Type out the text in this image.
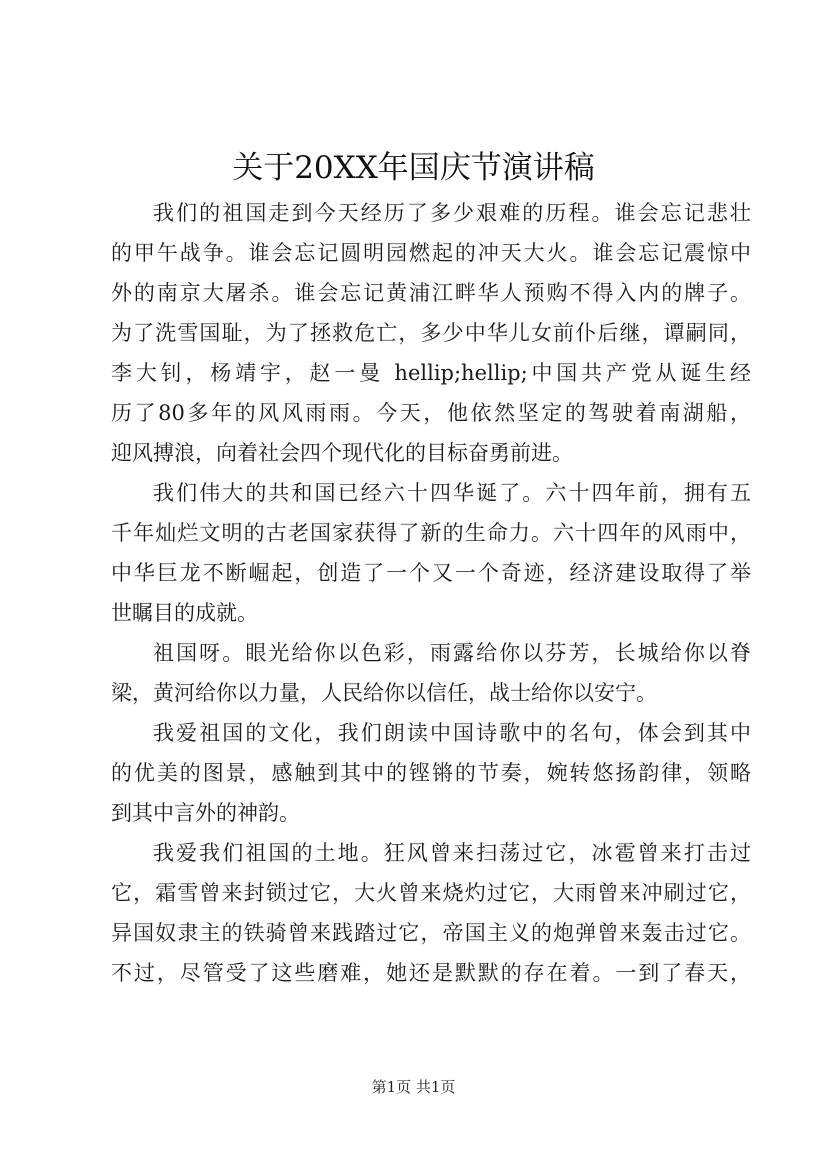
关于20XX年国庆节演讲稿
我们的祖国走到今天经历了多少艰难的历程。谁会忘记悲壮
的甲午战争。谁会忘记圆明园燃起的冲天大火。谁会忘记震惊中
外的南京大屠杀。谁会忘记黄浦江畔华人预购不得入内的牌子。
为了洗雪国耻，为了拯救危亡，多少中华儿女前仆后继，谭嗣同，
李大钊，杨靖宇，赵一曼 hellip;hellip;中国共产党从诞生经
历了80多年的风风雨雨。今天，他依然坚定的驾驶着南湖船，
迎风搏浪，向着社会四个现代化的目标奋勇前进。
我们伟大的共和国已经六十四华诞了。六十四年前，拥有五
千年灿烂文明的古老国家获得了新的生命力。六十四年的风雨中，
中华巨龙不断崛起，创造了一个又一个奇迹，经济建设取得了举
世瞩目的成就。
祖国呀。眼光给你以色彩，雨露给你以芬芳，长城给你以脊
梁，黄河给你以力量，人民给你以信任，战士给你以安宁。
我爱祖国的文化，我们朗读中国诗歌中的名句，体会到其中
的优美的图景，感触到其中的铿锵的节奏，婉转悠扬韵律，领略
到其中言外的神韵。
我爱我们祖国的土地。狂风曾来扫荡过它，冰雹曾来打击过
它，霜雪曾来封锁过它，大火曾来烧灼过它，大雨曾来冲刷过它，
异国奴隶主的铁骑曾来践踏过它，帝国主义的炮弹曾来轰击过它。
不过，尽管受了这些磨难，她还是默默的存在着。一到了春天，
第1页 共1页
